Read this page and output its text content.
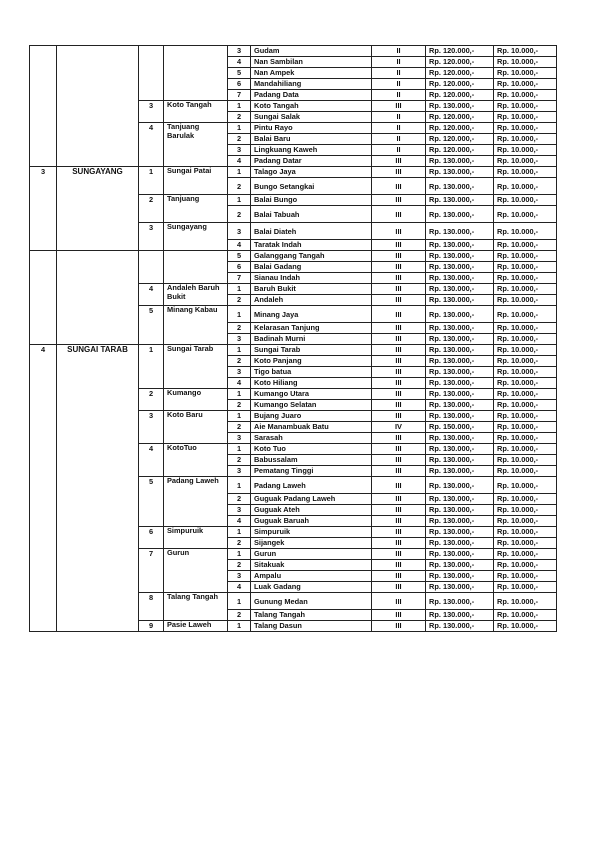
				3	Gudam	II	Rp. 120.000,-	Rp. 10.000,-
				4	Nan Sambilan	II	Rp. 120.000,-	Rp. 10.000,-
				5	Nan Ampek	II	Rp. 120.000,-	Rp. 10.000,-
				6	Mandahiliang	II	Rp. 120.000,-	Rp. 10.000,-
				7	Padang Data	II	Rp. 120.000,-	Rp. 10.000,-
		3	Koto Tangah	1	Koto Tangah	III	Rp. 130.000,-	Rp. 10.000,-
				2	Sungai Salak	II	Rp. 120.000,-	Rp. 10.000,-
		4	Tanjuang Barulak	1	Pintu Rayo	II	Rp. 120.000,-	Rp. 10.000,-
				2	Balai Baru	II	Rp. 120.000,-	Rp. 10.000,-
				3	Lingkuang Kaweh	II	Rp. 120.000,-	Rp. 10.000,-
				4	Padang Datar	III	Rp. 130.000,-	Rp. 10.000,-
3	SUNGAYANG	1	Sungai Patai	1	Talago Jaya	III	Rp. 130.000,-	Rp. 10.000,-
				2	Bungo Setangkai	III	Rp. 130.000,-	Rp. 10.000,-
		2	Tanjuang	1	Balai Bungo	III	Rp. 130.000,-	Rp. 10.000,-
				2	Balai Tabuah	III	Rp. 130.000,-	Rp. 10.000,-
		3	Sungayang	3	Balai Diateh	III	Rp. 130.000,-	Rp. 10.000,-
				4	Taratak Indah	III	Rp. 130.000,-	Rp. 10.000,-
				5	Galanggang Tangah	III	Rp. 130.000,-	Rp. 10.000,-
				6	Balai Gadang	III	Rp. 130.000,-	Rp. 10.000,-
				7	Sianau Indah	III	Rp. 130.000,-	Rp. 10.000,-
		4	Andaleh Baruh Bukit	1	Baruh Bukit	III	Rp. 130.000,-	Rp. 10.000,-
				2	Andaleh	III	Rp. 130.000,-	Rp. 10.000,-
		5	Minang Kabau	1	Minang Jaya	III	Rp. 130.000,-	Rp. 10.000,-
				2	Kelarasan Tanjung	III	Rp. 130.000,-	Rp. 10.000,-
				3	Badinah Murni	III	Rp. 130.000,-	Rp. 10.000,-
4	SUNGAI TARAB	1	Sungai Tarab	1	Sungai Tarab	III	Rp. 130.000,-	Rp. 10.000,-
				2	Koto Panjang	III	Rp. 130.000,-	Rp. 10.000,-
				3	Tigo batua	III	Rp. 130.000,-	Rp. 10.000,-
				4	Koto Hiliang	III	Rp. 130.000,-	Rp. 10.000,-
		2	Kumango	1	Kumango Utara	III	Rp. 130.000,-	Rp. 10.000,-
				2	Kumango Selatan	III	Rp. 130.000,-	Rp. 10.000,-
		3	Koto Baru	1	Bujang Juaro	III	Rp. 130.000,-	Rp. 10.000,-
				2	Aie Manambuak Batu	IV	Rp. 150.000,-	Rp. 10.000,-
				3	Sarasah	III	Rp. 130.000,-	Rp. 10.000,-
		4	KotoTuo	1	Koto Tuo	III	Rp. 130.000,-	Rp. 10.000,-
				2	Babussalam	III	Rp. 130.000,-	Rp. 10.000,-
				3	Pematang Tinggi	III	Rp. 130.000,-	Rp. 10.000,-
		5	Padang Laweh	1	Padang Laweh	III	Rp. 130.000,-	Rp. 10.000,-
				2	Guguak Padang Laweh	III	Rp. 130.000,-	Rp. 10.000,-
				3	Guguak Ateh	III	Rp. 130.000,-	Rp. 10.000,-
				4	Guguak Baruah	III	Rp. 130.000,-	Rp. 10.000,-
		6	Simpuruik	1	Simpuruik	III	Rp. 130.000,-	Rp. 10.000,-
				2	Sijangek	III	Rp. 130.000,-	Rp. 10.000,-
		7	Gurun	1	Gurun	III	Rp. 130.000,-	Rp. 10.000,-
				2	Sitakuak	III	Rp. 130.000,-	Rp. 10.000,-
				3	Ampalu	III	Rp. 130.000,-	Rp. 10.000,-
				4	Luak Gadang	III	Rp. 130.000,-	Rp. 10.000,-
		8	Talang Tangah	1	Gunung Medan	III	Rp. 130.000,-	Rp. 10.000,-
				2	Talang Tangah	III	Rp. 130.000,-	Rp. 10.000,-
		9	Pasie Laweh	1	Talang Dasun	III	Rp. 130.000,-	Rp. 10.000,-
